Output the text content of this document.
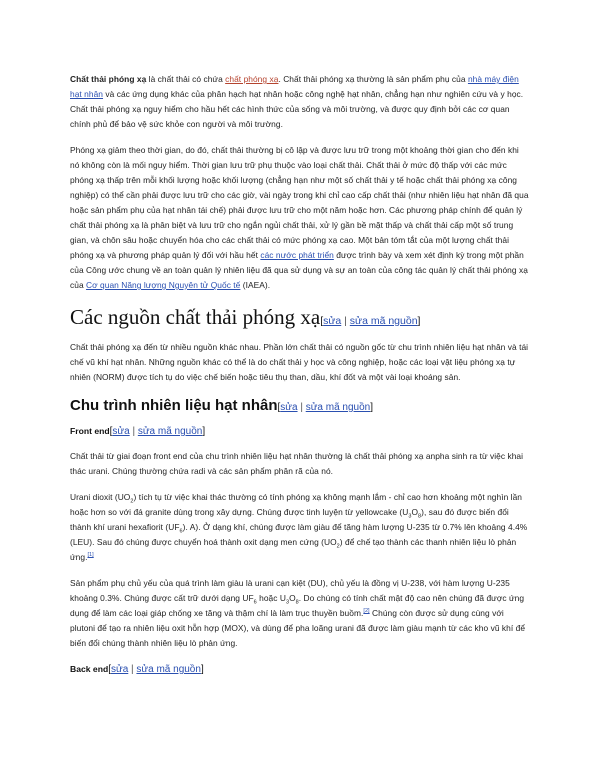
Chất thải phóng xạ là chất thải có chứa chất phóng xạ. Chất thải phóng xạ thường là sản phẩm phụ của nhà máy điện hạt nhân và các ứng dụng khác của phân hạch hạt nhân hoặc công nghệ hạt nhân, chẳng hạn như nghiên cứu và y học. Chất thải phóng xạ nguy hiểm cho hầu hết các hình thức của sống và môi trường, và được quy định bởi các cơ quan chính phủ để bảo vệ sức khỏe con người và môi trường.

Phóng xạ giảm theo thời gian, do đó, chất thải thường bị cô lập và được lưu trữ trong một khoảng thời gian cho đến khi nó không còn là mối nguy hiểm. Thời gian lưu trữ phụ thuộc vào loại chất thải. Chất thải ở mức độ thấp với các mức phóng xạ thấp trên mỗi khối lượng hoặc khối lượng (chẳng hạn như một số chất thải y tế hoặc chất thải phóng xạ công nghiệp) có thể cần phải được lưu trữ cho các giờ, vài ngày trong khi chỉ cao cấp chất thải (như nhiên liệu hạt nhân đã qua hoặc sản phẩm phụ của hạt nhân tái chế) phải được lưu trữ cho một năm hoặc hơn. Các phương pháp chính để quản lý chất thải phóng xạ là phân biệt và lưu trữ cho ngắn ngủi chất thải, xử lý gần bề mặt thấp và chất thải cấp một số trung gian, và chôn sâu hoặc chuyển hóa cho các chất thải có mức phóng xạ cao. Một bản tóm tắt của một lượng chất thải phóng xạ và phương pháp quản lý đối với hầu hết các nước phát triển được trình bày và xem xét định kỳ trong một phần của Công ước chung về an toàn quản lý nhiên liệu đã qua sử dụng và sự an toàn của công tác quản lý chất thải phóng xạ của Cơ quan Năng lượng Nguyên tử Quốc tế (IAEA).

Các nguồn chất thải phóng xạ[sửa | sửa mã nguồn]

Chất thải phóng xạ đến từ nhiều nguồn khác nhau. Phần lớn chất thải có nguồn gốc từ chu trình nhiên liệu hạt nhân và tái chế vũ khí hạt nhân. Những nguồn khác có thể là do chất thải y học và công nghiệp, hoặc các loại vật liệu phóng xạ tự nhiên (NORM) được tích tụ do việc chế biến hoặc tiêu thụ than, dầu, khí đốt và một vài loại khoáng sản.

Chu trình nhiên liệu hạt nhân[sửa | sửa mã nguồn]
Front end[sửa | sửa mã nguồn]

Chất thải từ giai đoạn front end của chu trình nhiên liệu hạt nhân thường là chất thải phóng xạ anpha sinh ra từ việc khai thác urani. Chúng thường chứa radi và các sản phẩm phân rã của nó.

Urani dioxit $(UO_2)$ tích tụ từ việc khai thác thường có tính phóng xạ không mạnh lắm - chỉ cao hơn khoảng một nghìn lần hoặc hơn so với đá granite dùng trong xây dựng. Chúng được tinh luyện từ yellowcake $(U_3O_8)$, sau đó được biến đổi thành khí urani hexafiorit $(UF_6)$. A). Ở dạng khí, chúng được làm giàu để tăng hàm lượng U-235 từ 0.7% lên khoảng 4.4% (LEU). Sau đó chúng được chuyển hoá thành oxit dạng men cứng $(UO_2)$ để chế tạo thành các thanh nhiên liệu lò phản ứng.[1]

Sản phẩm phụ chủ yếu của quá trình làm giàu là urani cạn kiệt (DU), chủ yếu là đồng vị U-238, với hàm lượng U-235 khoảng 0.3%. Chúng được cất trữ dưới dạng $UF_6$ hoặc $U_3O_8$. Do chúng có tính chất mật độ cao nên chúng đã được ứng dụng để làm các loại giáp chống xe tăng và thậm chí là làm trục thuyền buồm.[2] Chúng còn được sử dụng cùng với plutoni để tạo ra nhiên liệu oxit hỗn hợp (MOX), và dùng để pha loãng urani đã được làm giàu mạnh từ các kho vũ khí để biến đổi chúng thành nhiên liệu lò phản ứng.

Back end[sửa | sửa mã nguồn]
